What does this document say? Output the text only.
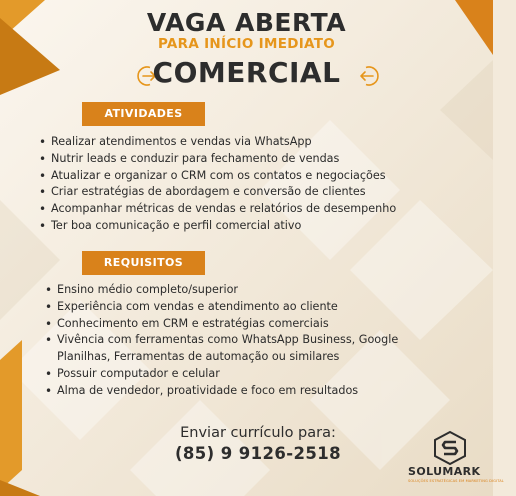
VAGA ABERTA
PARA INÍCIO IMEDIATO
COMERCIAL
ATIVIDADES
• Realizar atendimentos e vendas via WhatsApp
• Nutrir leads e conduzir para fechamento de vendas
• Atualizar e organizar o CRM com os contatos e negociações
• Criar estratégias de abordagem e conversão de clientes
• Acompanhar métricas de vendas e relatórios de desempenho
• Ter boa comunicação e perfil comercial ativo
REQUISITOS
• Ensino médio completo/superior
• Experiência com vendas e atendimento ao cliente
• Conhecimento em CRM e estratégias comerciais
• Vivência com ferramentas como WhatsApp Business, Google Planilhas, Ferramentas de automação ou similares
• Possuir computador e celular
• Alma de vendedor, proatividade e foco em resultados
Enviar currículo para:
(85) 9 9126-2518
SOLUMARK
SOLUÇÕES ESTRATÉGICAS EM MARKETING DIGITAL
